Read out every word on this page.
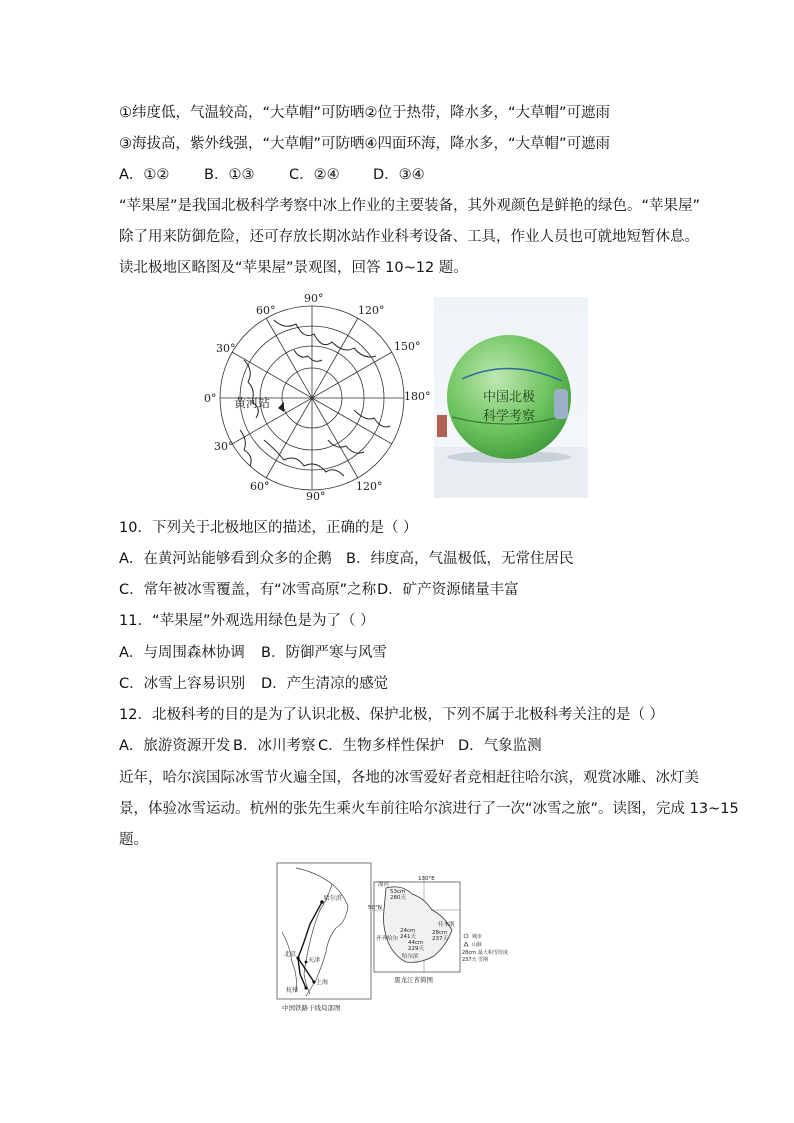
①纬度低，气温较高，“大草帽”可防晒②位于热带，降水多，“大草帽”可遮雨
③海拔高，紫外线强，“大草帽”可防晒④四面环海，降水多，“大草帽”可遮雨
A．①② B．①③ C．②④ D．③④
“苹果屋”是我国北极科学考察中冰上作业的主要装备，其外观颜色是鲜艳的绿色。“苹果屋”
除了用来防御危险，还可存放长期冰站作业科考设备、工具，作业人员也可就地短暂休息。
读北极地区略图及“苹果屋”景观图，回答 10~12 题。
90°
60°	120°
30°
0°
30°
150°
180°
60°
90°
120°
黄河站	中国北极
科学考察
10．下列关于北极地区的描述，正确的是（ ）
A．在黄河站能够看到众多的企鹅 B．纬度高，气温极低，无常住居民
C．常年被冰雪覆盖，有“冰雪高原”之称 D．矿产资源储量丰富
11．“苹果屋”外观选用绿色是为了（ ）
A．与周围森林协调 B．防御严寒与风雪
C．冰雪上容易识别 D．产生清凉的感觉
12．北极科考的目的是为了认识北极、保护北极，下列不属于北极科考关注的是（ ）
A．旅游资源开发 B．冰川考察 C．生物多样性保护 D．气象监测
近年，哈尔滨国际冰雪节火遍全国，各地的冰雪爱好者竞相赶往哈尔滨，观赏冰雕、冰灯美
景，体验冰雪运动。杭州的张先生乘火车前往哈尔滨进行了一次“冰雪之旅”。读图，完成 13~15
题。
哈尔滨
北京
天津
上海
杭州
中国铁路干线局部图
130°E
50°N
53cm
280天
24cm
241天
44cm
229天
28cm
237天
漠河
齐齐哈尔
哈尔滨
佳木斯
黑龙江省简图
城市
山脉
28cm 最大积雪厚度
237天 雪期
